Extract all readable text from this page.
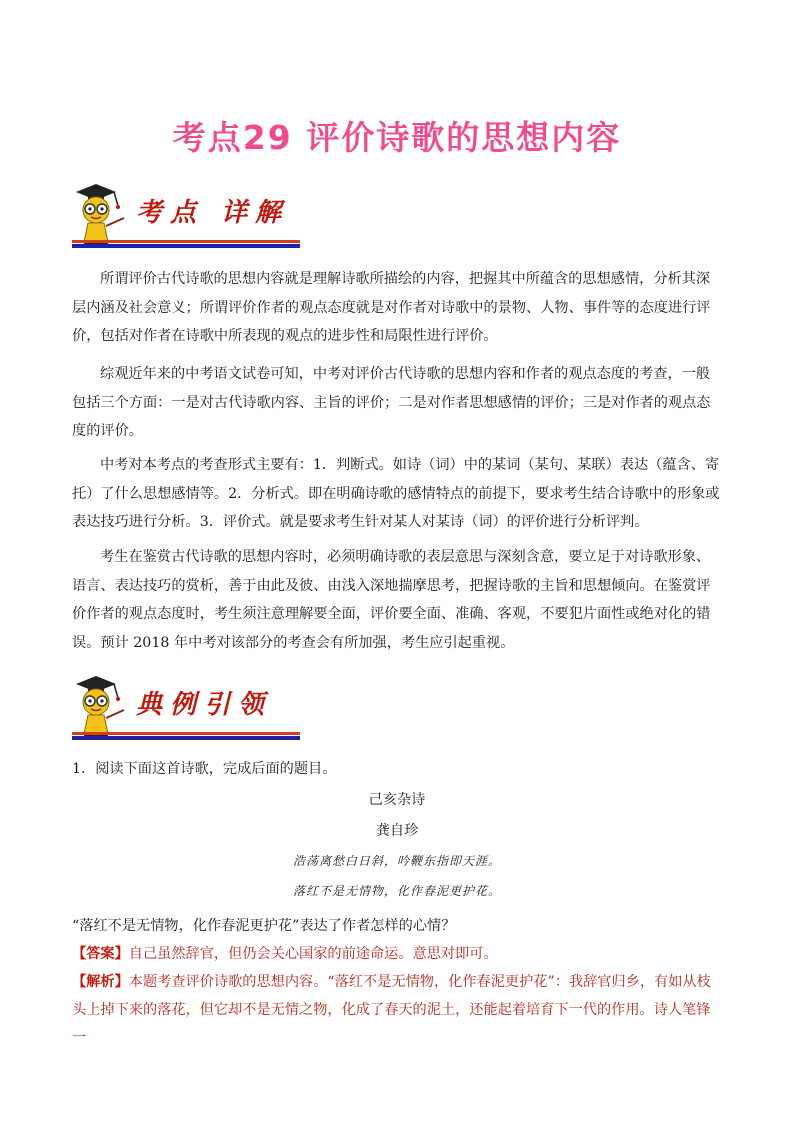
考点29 评价诗歌的思想内容
考点 详解

所谓评价古代诗歌的思想内容就是理解诗歌所描绘的内容，把握其中所蕴含的思想感情，分析其深层内涵及社会意义；所谓评价作者的观点态度就是对作者对诗歌中的景物、人物、事件等的态度进行评价，包括对作者在诗歌中所表现的观点的进步性和局限性进行评价。

综观近年来的中考语文试卷可知，中考对评价古代诗歌的思想内容和作者的观点态度的考查，一般包括三个方面：一是对古代诗歌内容、主旨的评价；二是对作者思想感情的评价；三是对作者的观点态度的评价。

中考对本考点的考查形式主要有：1．判断式。如诗（词）中的某词（某句、某联）表达（蕴含、寄托）了什么思想感情等。2．分析式。即在明确诗歌的感情特点的前提下，要求考生结合诗歌中的形象或表达技巧进行分析。3．评价式。就是要求考生针对某人对某诗（词）的评价进行分析评判。

考生在鉴赏古代诗歌的思想内容时，必须明确诗歌的表层意思与深刻含意，要立足于对诗歌形象、语言、表达技巧的赏析，善于由此及彼、由浅入深地揣摩思考，把握诗歌的主旨和思想倾向。在鉴赏评价作者的观点态度时，考生须注意理解要全面，评价要全面、准确、客观，不要犯片面性或绝对化的错误。预计 2018 年中考对该部分的考查会有所加强，考生应引起重视。

典例引领

1．阅读下面这首诗歌，完成后面的题目。

己亥杂诗

龚自珍

浩荡离愁白日斜，吟鞭东指即天涯。

落红不是无情物，化作春泥更护花。

“落红不是无情物，化作春泥更护花”表达了作者怎样的心情？

【答案】自己虽然辞官，但仍会关心国家的前途命运。意思对即可。

【解析】本题考查评价诗歌的思想内容。“落红不是无情物，化作春泥更护花”：我辞官归乡，有如从枝头上掉下来的落花，但它却不是无情之物，化成了春天的泥土，还能起着培育下一代的作用。诗人笔锋一
